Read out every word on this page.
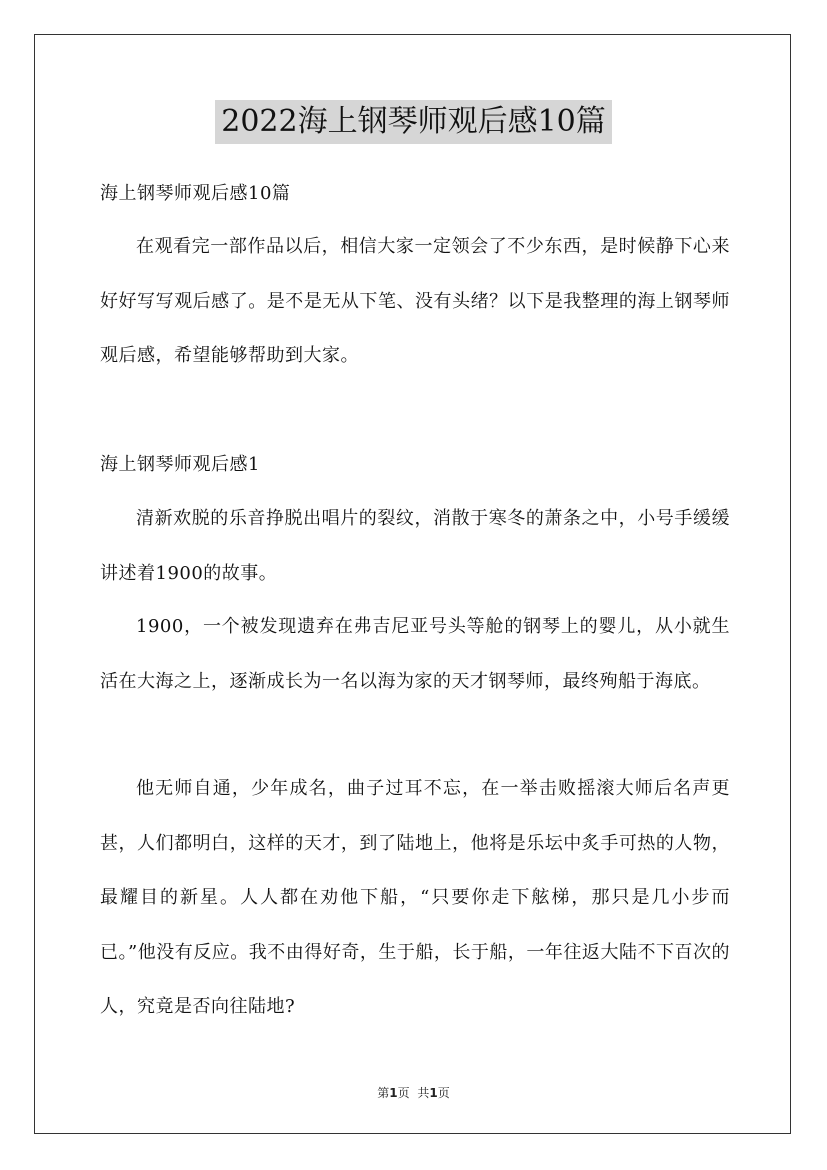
2022海上钢琴师观后感10篇
海上钢琴师观后感10篇

在观看完一部作品以后，相信大家一定领会了不少东西，是时候静下心来好好写写观后感了。是不是无从下笔、没有头绪？以下是我整理的海上钢琴师观后感，希望能够帮助到大家。

海上钢琴师观后感1

清新欢脱的乐音挣脱出唱片的裂纹，消散于寒冬的萧条之中，小号手缓缓讲述着1900的故事。

1900，一个被发现遗弃在弗吉尼亚号头等舱的钢琴上的婴儿，从小就生活在大海之上，逐渐成长为一名以海为家的天才钢琴师，最终殉船于海底。

他无师自通，少年成名，曲子过耳不忘，在一举击败摇滚大师后名声更甚，人们都明白，这样的天才，到了陆地上，他将是乐坛中炙手可热的人物，最耀目的新星。人人都在劝他下船，“只要你走下舷梯，那只是几小步而已。”他没有反应。我不由得好奇，生于船，长于船，一年往返大陆不下百次的人，究竟是否向往陆地?

第1页 共1页
